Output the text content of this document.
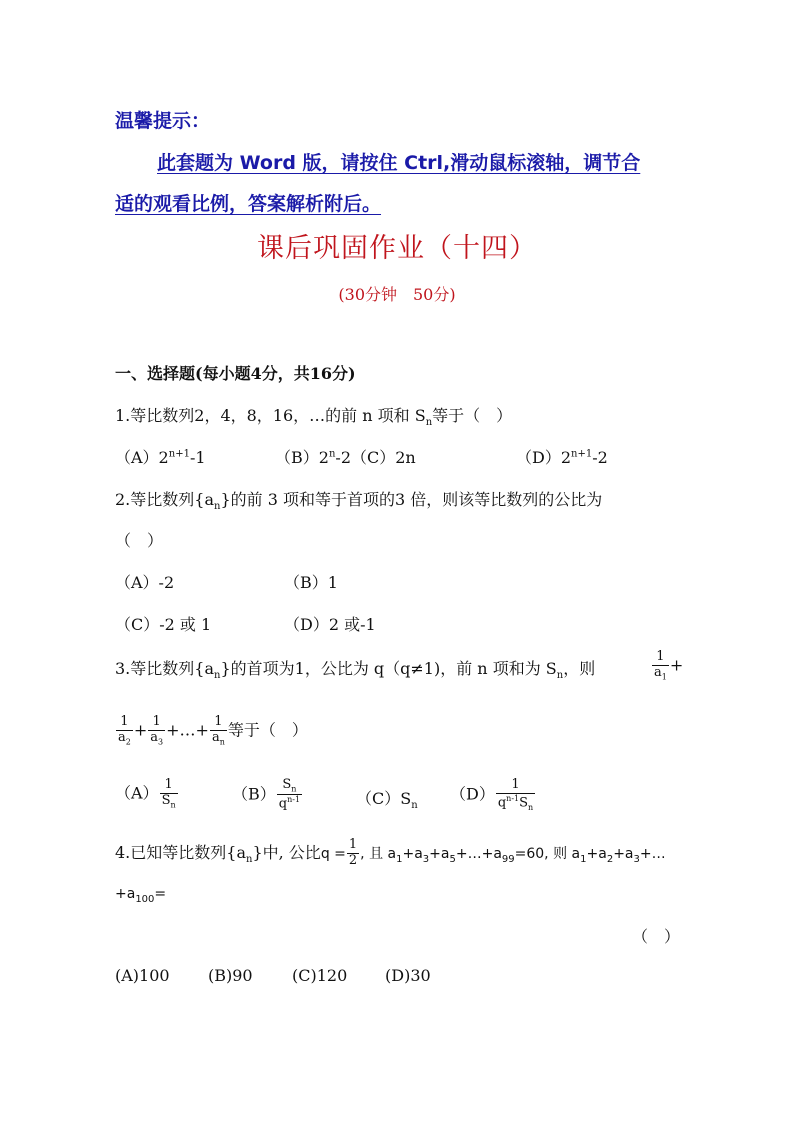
温馨提示：
此套题为 Word 版，请按住 Ctrl,滑动鼠标滚轴，调节合
适的观看比例，答案解析附后。
课后巩固作业（十四）
(30分钟　50分)
一、选择题(每小题4分，共16分)
1.等比数列2，4，8，16，…的前 n 项和 $S_n$等于（　）
$(A)2^{n+1}-1$	（B）2$^n$-2（C）2n	$(D)2^{n+1}-2$
2.等比数列$\{a_n\}$的前 3 项和等于首项的3 倍，则该等比数列的公比为
（　）
（A）-2	（B）1
（C）-2 或 1	（D）2 或-1
3.等比数列$\{a_n\}$的首项为1，公比为 q（q≠1)，前 n 项和为 $S_n$，则	$\frac{1}{a_1}$ +
$\frac{1}{a_2} + \frac{1}{a_3}$ +…+ $\frac{1}{a_n}$ 等于（　）
$(A) \frac{1}{S_n}$	$(B) \frac{S_n}{q^{n-1}}$	$(C)S_n$
$(D) \frac{1}{q^{n-1}S_n}$
4.已知等比数列$\{a_n\}$中, 公比$q = \frac{1}{2}$ , 且 $a_1+a_3+a_5+\dots+a_{99}=60$, 则 $a_1+a_2+a_3+\dots$
$+a_{100}=$
（　）
(A)100 (B)90 (C)120 (D)30
